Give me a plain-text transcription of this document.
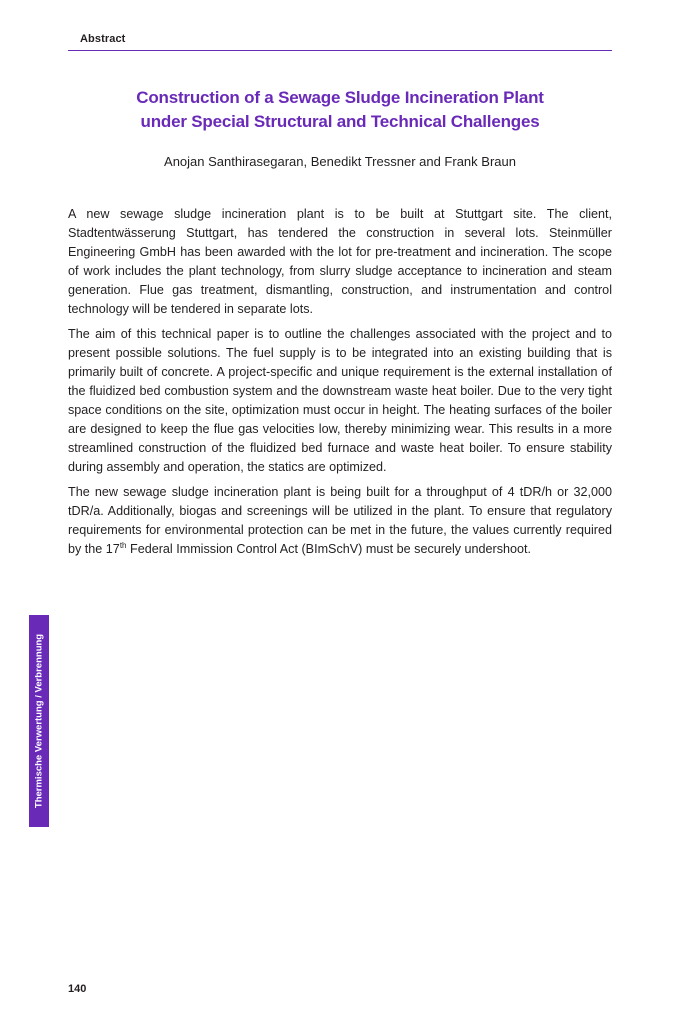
Abstract
Construction of a Sewage Sludge Incineration Plant
under Special Structural and Technical Challenges
Anojan Santhirasegaran, Benedikt Tressner and Frank Braun

A new sewage sludge incineration plant is to be built at Stuttgart site. The client, Stadtentwässerung Stuttgart, has tendered the construction in several lots. Steinmüller Engineering GmbH has been awarded with the lot for pre-treatment and incineration. The scope of work includes the plant technology, from slurry sludge acceptance to incineration and steam generation. Flue gas treatment, dismantling, construction, and instrumentation and control technology will be tendered in separate lots.

The aim of this technical paper is to outline the challenges associated with the project and to present possible solutions. The fuel supply is to be integrated into an existing building that is primarily built of concrete. A project-specific and unique requirement is the external installation of the fluidized bed combustion system and the downstream waste heat boiler. Due to the very tight space conditions on the site, optimization must occur in height. The heating surfaces of the boiler are designed to keep the flue gas velocities low, thereby minimizing wear. This results in a more streamlined construction of the fluidized bed furnace and waste heat boiler. To ensure stability during assembly and operation, the statics are optimized.

The new sewage sludge incineration plant is being built for a throughput of 4 tDR/h or 32,000 tDR/a. Additionally, biogas and screenings will be utilized in the plant. To ensure that regulatory requirements for environmental protection can be met in the future, the values currently required by the 17th Federal Immission Control Act (BImSchV) must be securely undershoot.

Thermische Verwertung / Verbrennung
140
